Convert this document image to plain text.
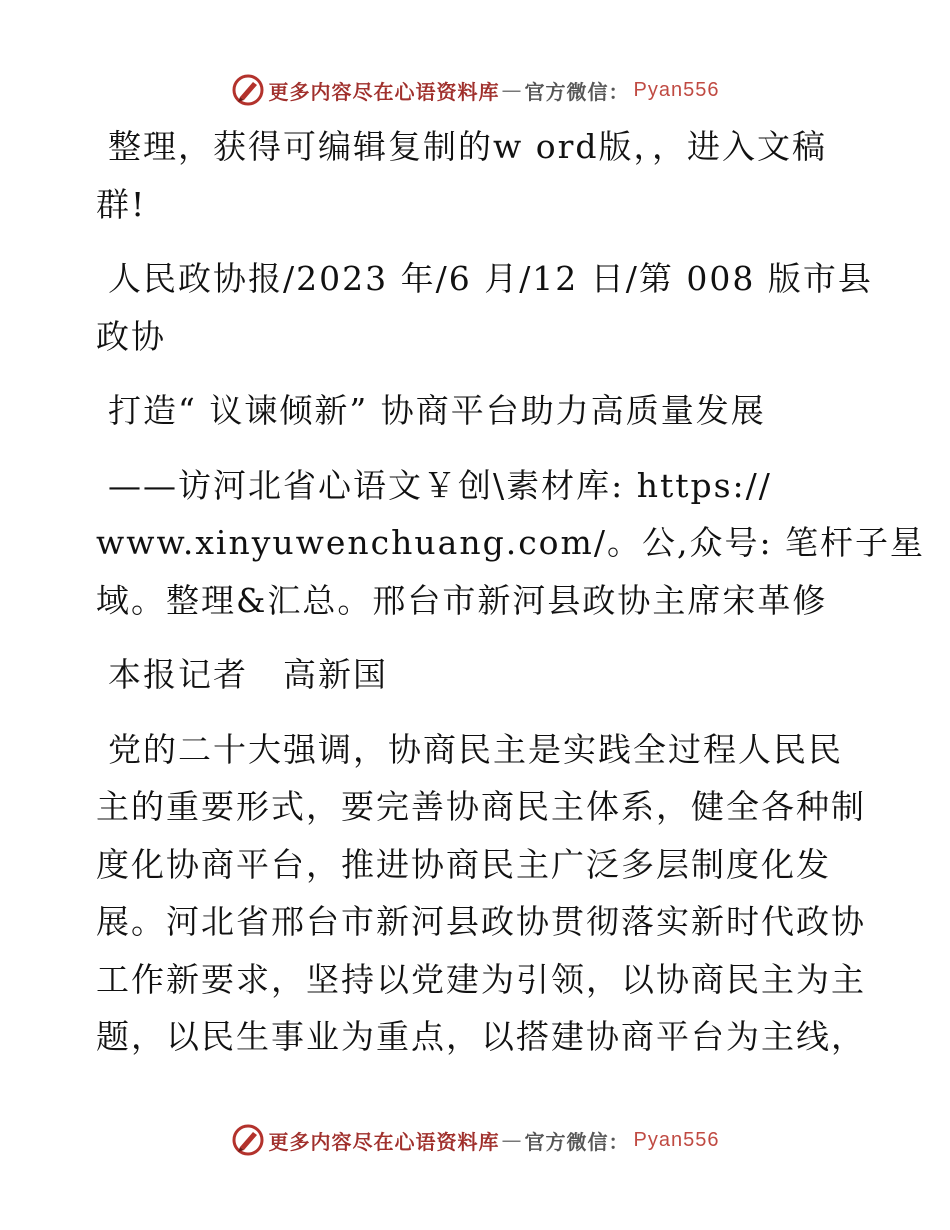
更多内容尽在心语资料库 — 官方微信： Pyan556
整理，获得可编辑复制的w ord版，，进入文稿
群!
人民政协报/2023 年/6 月/12 日/第 008 版市县
政协
打造“ 议谏倾新” 协商平台助力高质量发展
——访河北省心语文￥创\素材库: https://
www.xinyuwenchuang.com/。公,众号: 笔杆子星
域。整理&汇总。邢台市新河县政协主席宋革修
本报记者　高新国
党的二十大强调，协商民主是实践全过程人民民
主的重要形式，要完善协商民主体系，健全各种制
度化协商平台，推进协商民主广泛多层制度化发
展。河北省邢台市新河县政协贯彻落实新时代政协
工作新要求，坚持以党建为引领，以协商民主为主
题，以民生事业为重点，以搭建协商平台为主线，
更多内容尽在心语资料库 — 官方微信： Pyan556
